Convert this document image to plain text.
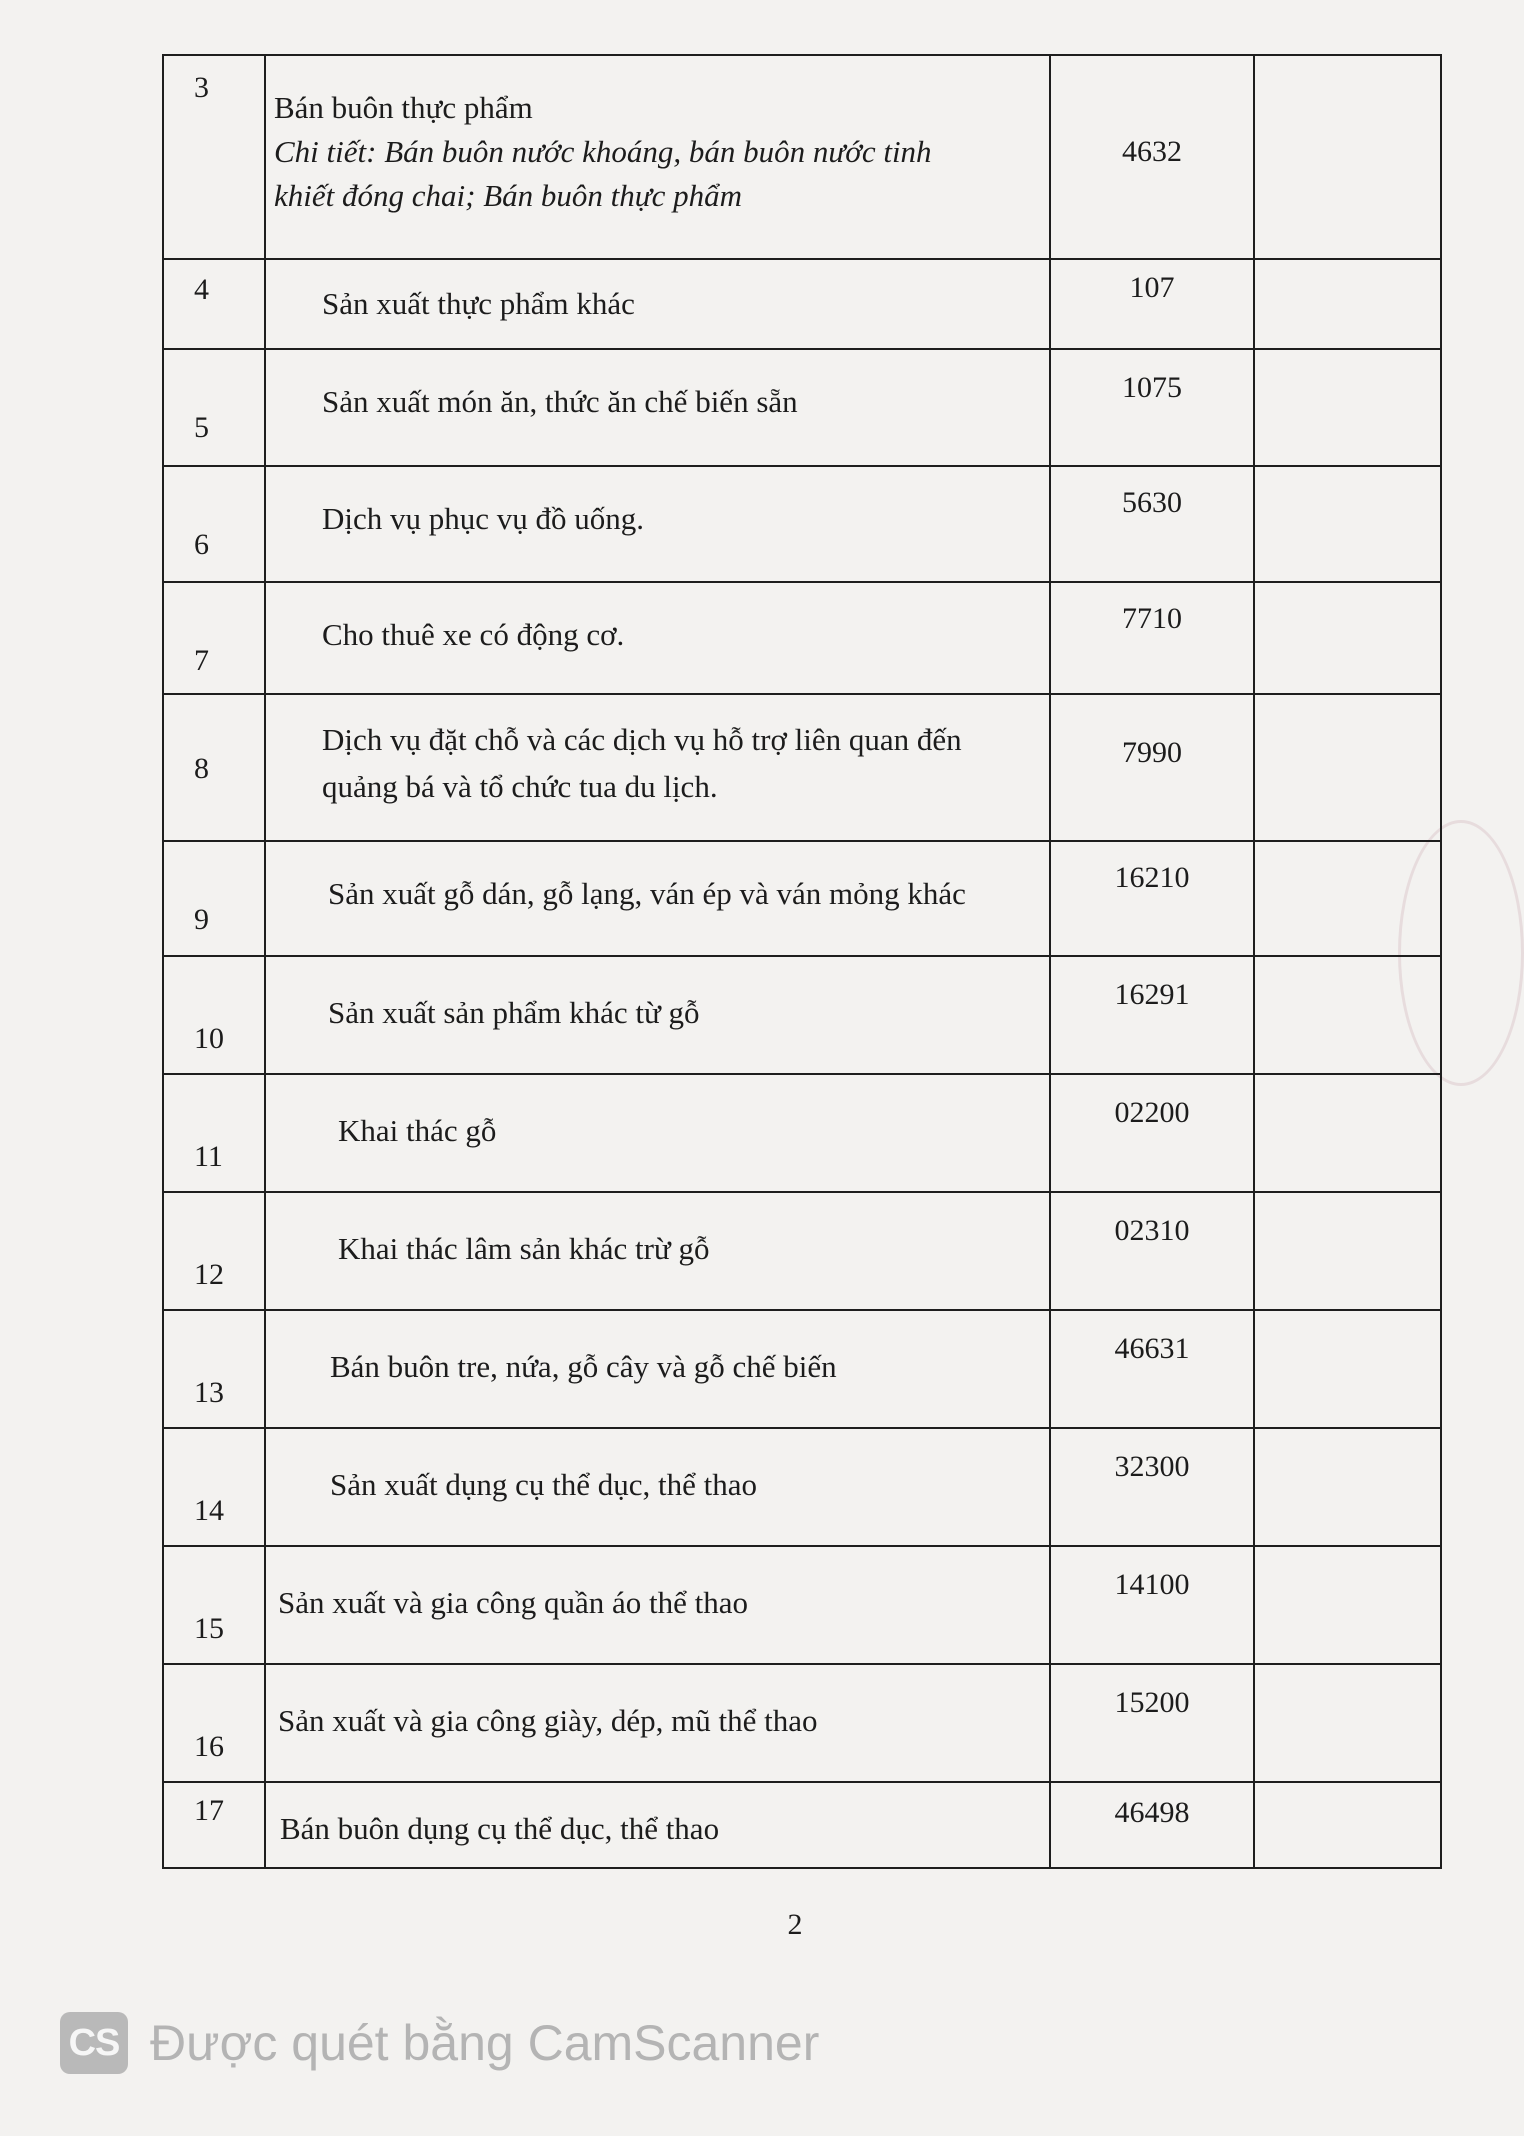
3	Bán buôn thực phẩm
Chi tiết: Bán buôn nước khoáng, bán buôn nước tinh
khiết đóng chai; Bán buôn thực phẩm	4632	

4	Sản xuất thực phẩm khác	107	

5	Sản xuất món ăn, thức ăn chế biến sẵn	1075	

6	Dịch vụ phục vụ đồ uống.	5630	

7	Cho thuê xe có động cơ.	7710	

8	Dịch vụ đặt chỗ và các dịch vụ hỗ trợ liên quan đến
quảng bá và tổ chức tua du lịch.	7990	

9	Sản xuất gỗ dán, gỗ lạng, ván ép và ván mỏng khác	16210	

10	Sản xuất sản phẩm khác từ gỗ	16291	

11	Khai thác gỗ	02200	

12	Khai thác lâm sản khác trừ gỗ	02310	

13	Bán buôn tre, nứa, gỗ cây và gỗ chế biến	46631	

14	Sản xuất dụng cụ thể dục, thể thao	32300	

15	Sản xuất và gia công quần áo thể thao	14100	

16	Sản xuất và gia công giày, dép, mũ thể thao	15200	

17	Bán buôn dụng cụ thể dục, thể thao	46498	

2
CS Được quét bằng CamScanner
